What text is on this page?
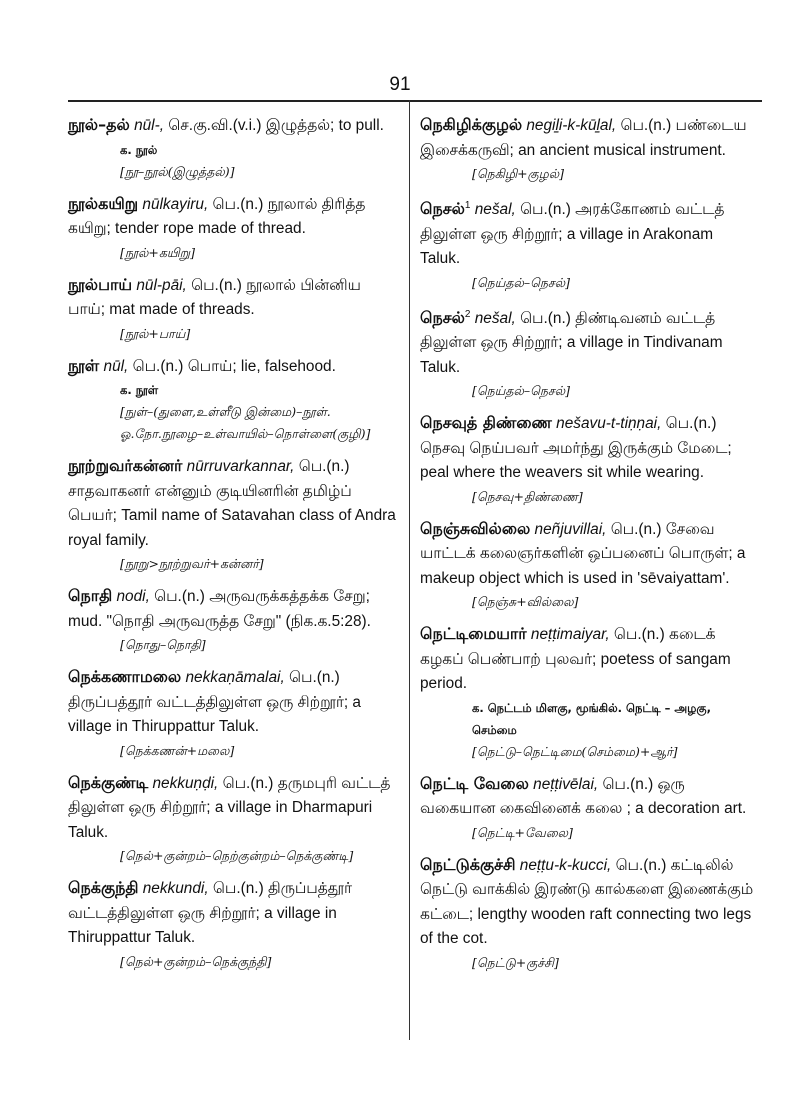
91
நூல்–தல் nūl-, செ.கு.வி.(v.i.) இழுத்தல்; to pull.
க. நூல்
[நூ–நூல்(இழுத்தல்)]
நூல்கயிறு nūlkayiru, பெ.(n.) நூலால் திரித்த கயிறு; tender rope made of thread.
[நூல்+கயிறு]
நூல்பாய் nūl-pāi, பெ.(n.) நூலால் பின்னிய பாய்; mat made of threads.
[நூல்+பாய்]
நூள் nūl, பெ.(n.) பொய்; lie, falsehood.
க. நூள்
[நுள்–(துளை,உள்ளீடு இன்மை)–நூள். ஓ.நோ.நூழை–உள்வாயில்–நொள்ளை(குழி)]
நூற்றுவர்கன்னர் nūrruvarkannar, பெ.(n.) சாதவாகனர் என்னும் குடியினரின் தமிழ்ப் பெயர்; Tamil name of Satavahan class of Andra royal family.
[நூறு>நூற்றுவர்+கன்னர்]
நொதி nodi, பெ.(n.) அருவருக்கத்தக்க சேறு; mud. "நொதி அருவருத்த சேறு" (நிக.க.5:28).
[நொது–நொதி]
நெக்கணாமலை nekkaṇāmalai, பெ.(n.) திருப்பத்தூர் வட்டத்திலுள்ள ஒரு சிற்றூர்; a village in Thiruppattur Taluk.
[நெக்கணன்+மலை]
நெக்குண்டி nekkuṇḍi, பெ.(n.) தருமபுரி வட்டத் திலுள்ள ஒரு சிற்றூர்; a village in Dharmapuri Taluk.
[நெல்+குன்றம்–நெற்குன்றம்–நெக்குண்டி]
நெக்குந்தி nekkundi, பெ.(n.) திருப்பத்தூர் வட்டத்திலுள்ள ஒரு சிற்றூர்; a village in Thiruppattur Taluk.
[நெல்+குன்றம்–நெக்குந்தி]
நெகிழிக்குழல் negiḻi-k-kūḻal, பெ.(n.) பண்டைய இசைக்கருவி; an ancient musical instrument.
[நெகிழி+குழல்]
நெசல்$^1$ nešal, பெ.(n.) அரக்கோணம் வட்டத் திலுள்ள ஒரு சிற்றூர்; a village in Arakonam Taluk.
[நெய்தல்–நெசல்]
நெசல்$^2$ nešal, பெ.(n.) திண்டிவனம் வட்டத் திலுள்ள ஒரு சிற்றூர்; a village in Tindivanam Taluk.
[நெய்தல்–நெசல்]
நெசவுத் திண்ணை nešavu-t-tiṇṇai, பெ.(n.) நெசவு நெய்பவர் அமர்ந்து இருக்கும் மேடை; peal where the weavers sit while wearing.
[நெசவு+திண்ணை]
நெஞ்சுவில்லை neñjuvillai, பெ.(n.) சேவை யாட்டக் கலைஞர்களின் ஒப்பனைப் பொருள்; a makeup object which is used in 'sēvaiyattam'.
[நெஞ்சு+வில்லை]
நெட்டிமையார் neṭṭimaiyar, பெ.(n.) கடைக் கழகப் பெண்பாற் புலவர்; poetess of sangam period.
க. நெட்டம் மிளகு, மூங்கில். நெட்டி – அழகு, செம்மை
[நெட்டு–நெட்டிமை(செம்மை)+ஆர்]
நெட்டி வேலை neṭṭivēlai, பெ.(n.) ஒரு வகையான கைவினைக் கலை ; a decoration art.
[நெட்டி+வேலை]
நெட்டுக்குச்சி neṭṭu-k-kucci, பெ.(n.) கட்டிலில் நெட்டு வாக்கில் இரண்டு கால்களை இணைக்கும் கட்டை; lengthy wooden raft connecting two legs of the cot.
[நெட்டு+குச்சி]
